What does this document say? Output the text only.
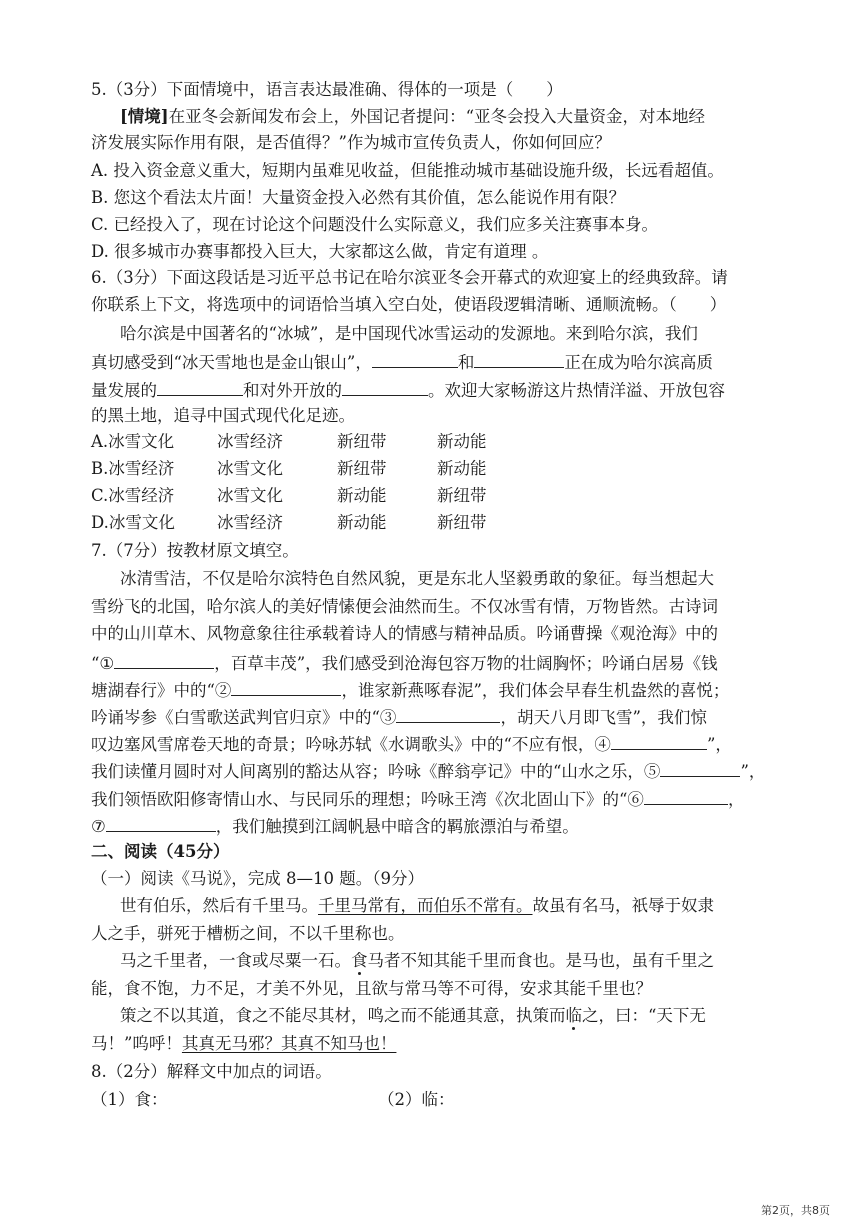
5.（3分）下面情境中，语言表达最准确、得体的一项是（　　）
[情境]在亚冬会新闻发布会上，外国记者提问：“亚冬会投入大量资金，对本地经
济发展实际作用有限，是否值得？”作为城市宣传负责人，你如何回应？
A. 投入资金意义重大，短期内虽难见收益，但能推动城市基础设施升级，长远看超值。
B. 您这个看法太片面！大量资金投入必然有其价值，怎么能说作用有限？
C. 已经投入了，现在讨论这个问题没什么实际意义，我们应多关注赛事本身。
D. 很多城市办赛事都投入巨大，大家都这么做，肯定有道理 。
6.（3分）下面这段话是习近平总书记在哈尔滨亚冬会开幕式的欢迎宴上的经典致辞。请
你联系上下文，将选项中的词语恰当填入空白处，使语段逻辑清晰、通顺流畅。（　　）
哈尔滨是中国著名的“冰城”，是中国现代冰雪运动的发源地。来到哈尔滨，我们
真切感受到“冰天雪地也是金山银山”，	和	正在成为哈尔滨高质
量发展的	和对外开放的	。欢迎大家畅游这片热情洋溢、开放包容
的黑土地，追寻中国式现代化足迹。
A.冰雪文化	冰雪经济	新纽带	新动能
B.冰雪经济	冰雪文化	新纽带	新动能
C.冰雪经济	冰雪文化	新动能	新纽带
D.冰雪文化	冰雪经济	新动能	新纽带
7.（7分）按教材原文填空。
冰清雪洁，不仅是哈尔滨特色自然风貌，更是东北人坚毅勇敢的象征。每当想起大
雪纷飞的北国，哈尔滨人的美好情愫便会油然而生。不仅冰雪有情，万物皆然。古诗词
中的山川草木、风物意象往往承载着诗人的情感与精神品质。吟诵曹操《观沧海》中的
“①	，百草丰茂”，我们感受到沧海包容万物的壮阔胸怀；吟诵白居易《钱
塘湖春行》中的“②	，谁家新燕啄春泥”，我们体会早春生机盎然的喜悦；
吟诵岑参《白雪歌送武判官归京》中的“③	，胡天八月即飞雪”，我们惊
叹边塞风雪席卷天地的奇景；吟咏苏轼《水调歌头》中的“不应有恨，④	”，
我们读懂月圆时对人间离别的豁达从容；吟咏《醉翁亭记》中的“山水之乐，⑤	”，
我们领悟欧阳修寄情山水、与民同乐的理想；吟咏王湾《次北固山下》的“⑥	，
⑦	，我们触摸到江阔帆悬中暗含的羁旅漂泊与希望。
二、阅读（45分）
（一）阅读《马说》，完成 8—10 题。（9分）
世有伯乐，然后有千里马。千里马常有，而伯乐不常有。故虽有名马，祇辱于奴隶
人之手，骈死于槽枥之间，不以千里称也。
马之千里者，一食或尽粟一石。食马者不知其能千里而食也。是马也，虽有千里之
能，食不饱，力不足，才美不外见，且欲与常马等不可得，安求其能千里也？
策之不以其道，食之不能尽其材，鸣之而不能通其意，执策而临之，曰：“天下无
马！”呜呼！其真无马邪？其真不知马也！
8.（2分）解释文中加点的词语。
（1）食：	（2）临：
第2页，共8页
